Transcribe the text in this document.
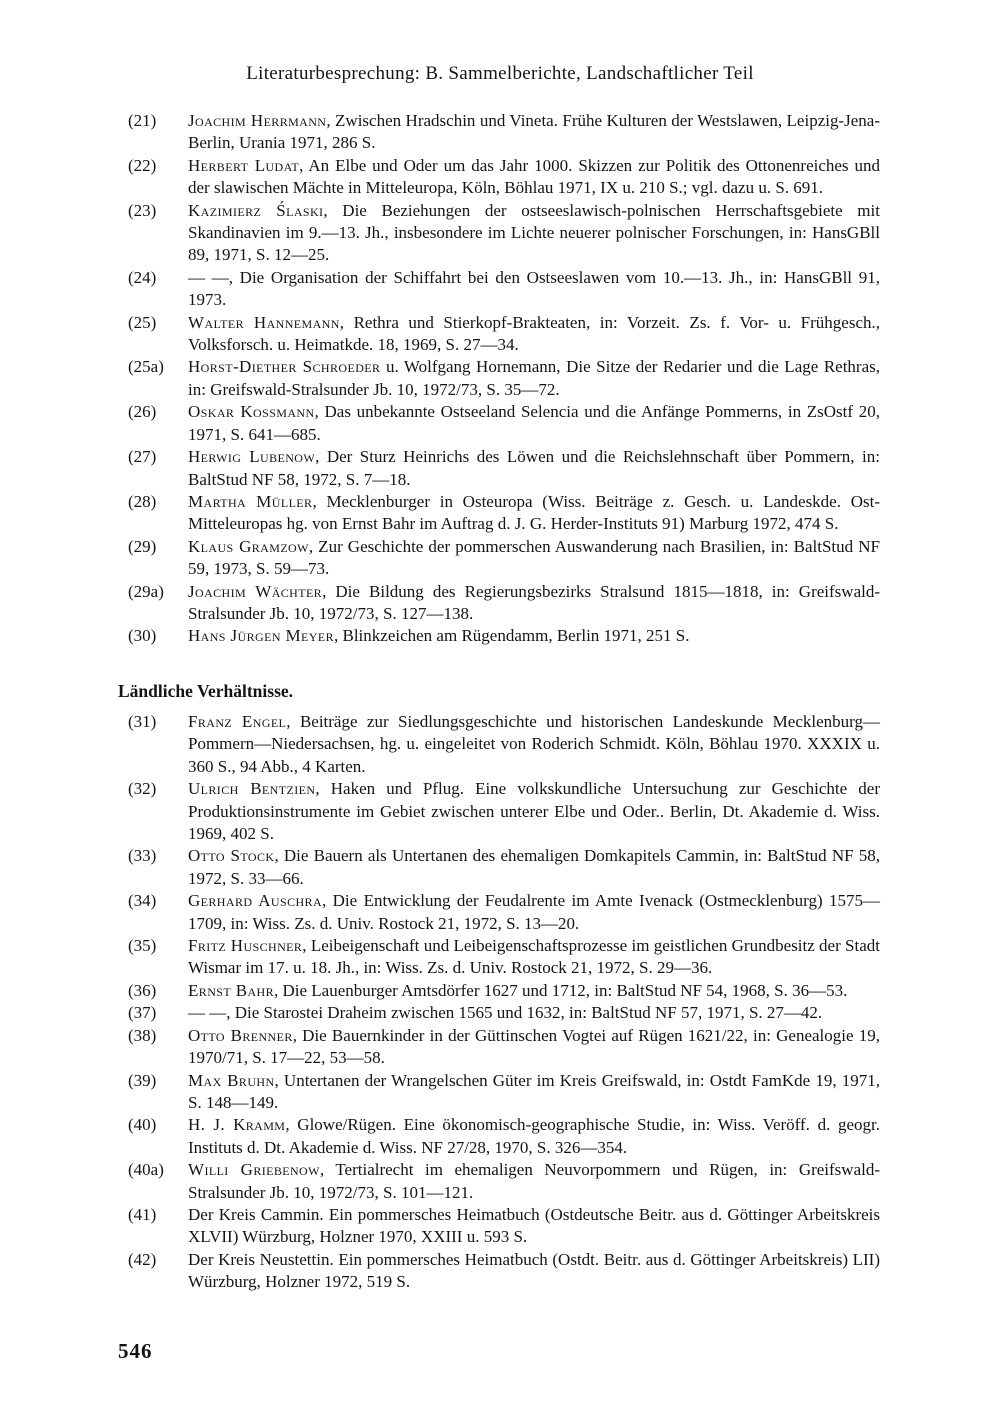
Literaturbesprechung: B. Sammelberichte, Landschaftlicher Teil
(21) Joachim Herrmann, Zwischen Hradschin und Vineta. Frühe Kulturen der Westslawen, Leipzig-Jena-Berlin, Urania 1971, 286 S.
(22) Herbert Ludat, An Elbe und Oder um das Jahr 1000. Skizzen zur Politik des Ottonenreiches und der slawischen Mächte in Mitteleuropa, Köln, Böhlau 1971, IX u. 210 S.; vgl. dazu u. S. 691.
(23) Kazimierz Ślaski, Die Beziehungen der ostseeslawisch-polnischen Herrschaftsgebiete mit Skandinavien im 9.—13. Jh., insbesondere im Lichte neuerer polnischer Forschungen, in: HansGBll 89, 1971, S. 12—25.
(24) — —, Die Organisation der Schiffahrt bei den Ostseeslawen vom 10.—13. Jh., in: HansGBll 91, 1973.
(25) Walter Hannemann, Rethra und Stierkopf-Brakteaten, in: Vorzeit. Zs. f. Vor- u. Frühgesch., Volksforsch. u. Heimatkde. 18, 1969, S. 27—34.
(25a) Horst-Diether Schroeder u. Wolfgang Hornemann, Die Sitze der Redarier und die Lage Rethras, in: Greifswald-Stralsunder Jb. 10, 1972/73, S. 35—72.
(26) Oskar Kossmann, Das unbekannte Ostseeland Selencia und die Anfänge Pommerns, in ZsOstf 20, 1971, S. 641—685.
(27) Herwig Lubenow, Der Sturz Heinrichs des Löwen und die Reichslehnschaft über Pommern, in: BaltStud NF 58, 1972, S. 7—18.
(28) Martha Müller, Mecklenburger in Osteuropa (Wiss. Beiträge z. Gesch. u. Landeskde. Ost-Mitteleuropas hg. von Ernst Bahr im Auftrag d. J. G. Herder-Instituts 91) Marburg 1972, 474 S.
(29) Klaus Gramzow, Zur Geschichte der pommerschen Auswanderung nach Brasilien, in: BaltStud NF 59, 1973, S. 59—73.
(29a) Joachim Wächter, Die Bildung des Regierungsbezirks Stralsund 1815—1818, in: Greifswald-Stralsunder Jb. 10, 1972/73, S. 127—138.
(30) Hans Jürgen Meyer, Blinkzeichen am Rügendamm, Berlin 1971, 251 S.
Ländliche Verhältnisse.
(31) Franz Engel, Beiträge zur Siedlungsgeschichte und historischen Landeskunde Mecklenburg—Pommern—Niedersachsen, hg. u. eingeleitet von Roderich Schmidt. Köln, Böhlau 1970. XXXIX u. 360 S., 94 Abb., 4 Karten.
(32) Ulrich Bentzien, Haken und Pflug. Eine volkskundliche Untersuchung zur Geschichte der Produktionsinstrumente im Gebiet zwischen unterer Elbe und Oder.. Berlin, Dt. Akademie d. Wiss. 1969, 402 S.
(33) Otto Stock, Die Bauern als Untertanen des ehemaligen Domkapitels Cammin, in: BaltStud NF 58, 1972, S. 33—66.
(34) Gerhard Auschra, Die Entwicklung der Feudalrente im Amte Ivenack (Ostmecklenburg) 1575—1709, in: Wiss. Zs. d. Univ. Rostock 21, 1972, S. 13—20.
(35) Fritz Huschner, Leibeigenschaft und Leibeigenschaftsprozesse im geistlichen Grundbesitz der Stadt Wismar im 17. u. 18. Jh., in: Wiss. Zs. d. Univ. Rostock 21, 1972, S. 29—36.
(36) Ernst Bahr, Die Lauenburger Amtsdörfer 1627 und 1712, in: BaltStud NF 54, 1968, S. 36—53.
(37) — —, Die Starostei Draheim zwischen 1565 und 1632, in: BaltStud NF 57, 1971, S. 27—42.
(38) Otto Brenner, Die Bauernkinder in der Güttinschen Vogtei auf Rügen 1621/22, in: Genealogie 19, 1970/71, S. 17—22, 53—58.
(39) Max Bruhn, Untertanen der Wrangelschen Güter im Kreis Greifswald, in: Ostdt FamKde 19, 1971, S. 148—149.
(40) H. J. Kramm, Glowe/Rügen. Eine ökonomisch-geographische Studie, in: Wiss. Veröff. d. geogr. Instituts d. Dt. Akademie d. Wiss. NF 27/28, 1970, S. 326—354.
(40a) Willi Griebenow, Tertialrecht im ehemaligen Neuvorpommern und Rügen, in: Greifswald-Stralsunder Jb. 10, 1972/73, S. 101—121.
(41) Der Kreis Cammin. Ein pommersches Heimatbuch (Ostdeutsche Beitr. aus d. Göttinger Arbeitskreis XLVII) Würzburg, Holzner 1970, XXIII u. 593 S.
(42) Der Kreis Neustettin. Ein pommersches Heimatbuch (Ostdt. Beitr. aus d. Göttinger Arbeitskreis) LII) Würzburg, Holzner 1972, 519 S.
546
